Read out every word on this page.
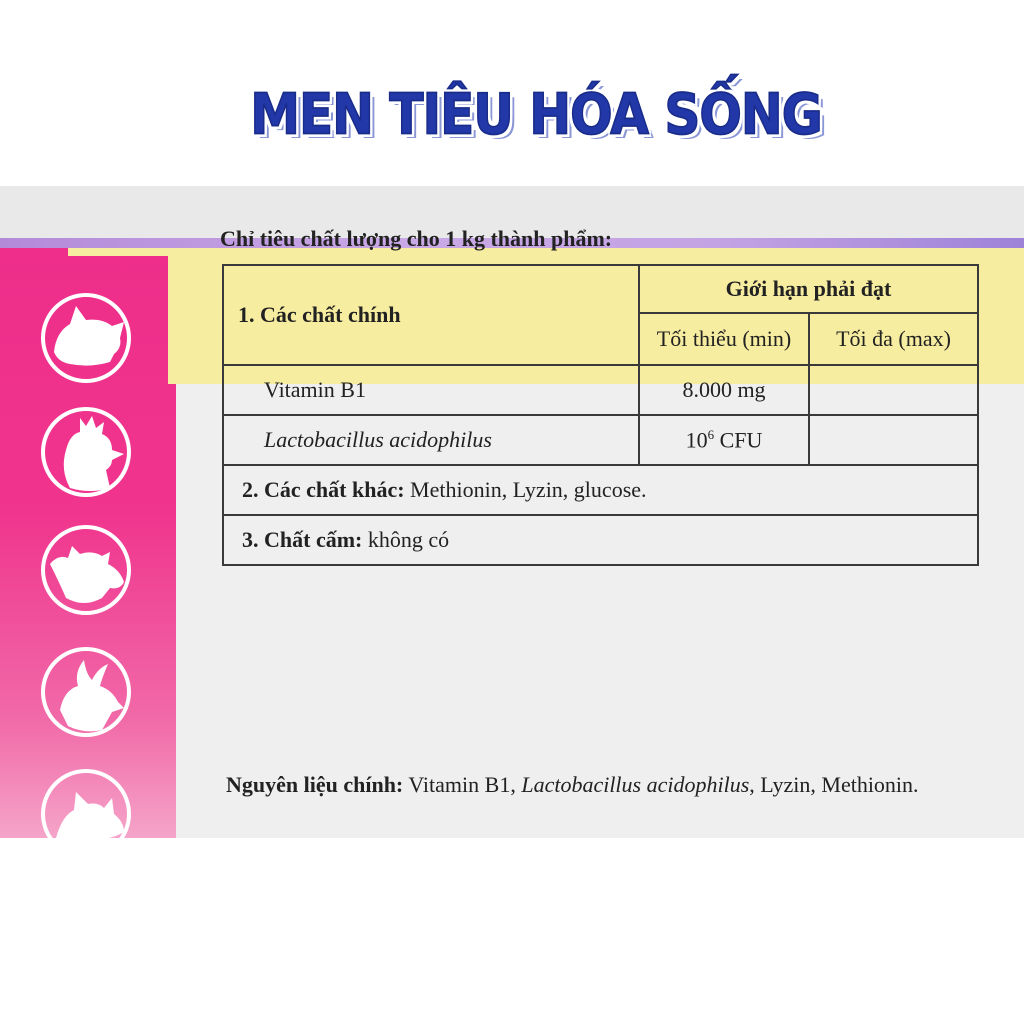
MEN TIÊU HÓA SỐNG

Chỉ tiêu chất lượng cho 1 kg thành phẩm:

1. Các chất chính	Giới hạn phải đạt	
	Tối thiểu (min)	Tối đa (max)
Vitamin B1	8.000 mg	
Lactobacillus acidophilus	$10^6$ CFU	
2. Các chất khác: Methionin, Lyzin, glucose.		
3. Chất cấm: không có		

Nguyên liệu chính: Vitamin B1, Lactobacillus acidophilus, Lyzin, Methionin.
